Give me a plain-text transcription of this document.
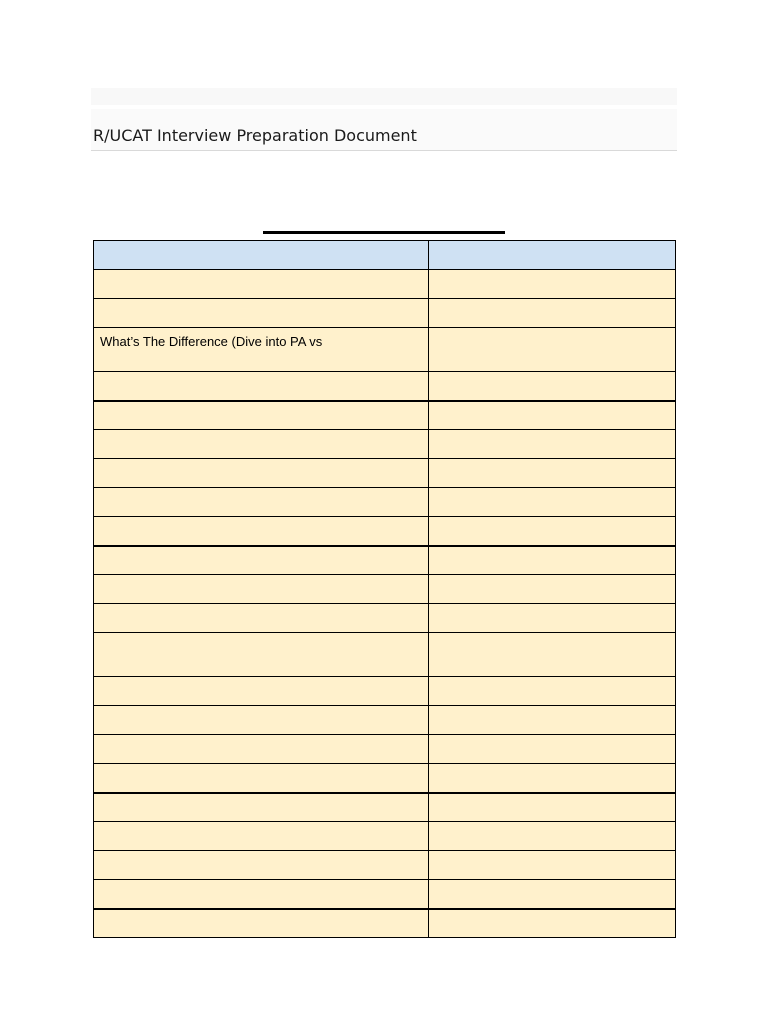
R/UCAT Interview Preparation Document

What’s The Difference (Dive into PA vs	
